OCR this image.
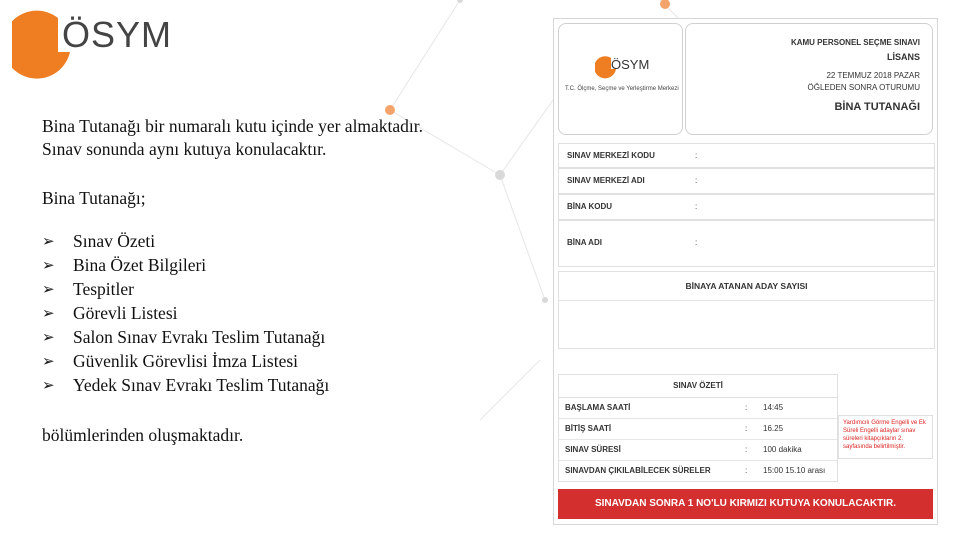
ÖSYM

Bina Tutanağı bir numaralı kutu içinde yer almaktadır.

Sınav sonunda aynı kutuya konulacaktır.

Bina Tutanağı;
➢	Sınav Özeti
➢	Bina Özet Bilgileri
➢	Tespitler
➢	Görevli Listesi
➢	Salon Sınav Evrakı Teslim Tutanağı
➢	Güvenlik Görevlisi İmza Listesi
➢	Yedek Sınav Evrakı Teslim Tutanağı
bölümlerinden oluşmaktadır.
ÖSYM
T.C. Ölçme, Seçme ve Yerleştirme Merkezi
KAMU PERSONEL SEÇME SINAVI
LİSANS
22 TEMMUZ 2018 PAZAR
ÖĞLEDEN SONRA OTURUMU
BİNA TUTANAĞI
SINAV MERKEZİ KODU	:
SINAV MERKEZİ ADI	:
BİNA KODU	:
BİNA ADI	:
BİNAYA ATANAN ADAY SAYISI
SINAV ÖZETİ
BAŞLAMA SAATİ	: 14:45
BİTİŞ SAATİ	: 16.25
SINAV SÜRESİ	: 100 dakika
SINAVDAN ÇIKILABİLECEK SÜRELER	: 15:00 15.10 arası
Yardımcılı Görme Engelli ve Ek Süreli Engelli adaylar sınav süreleri kitapçıkların 2. sayfasında belirtilmiştir.
SINAVDAN SONRA 1 NO'LU KIRMIZI KUTUYA KONULACAKTIR.
